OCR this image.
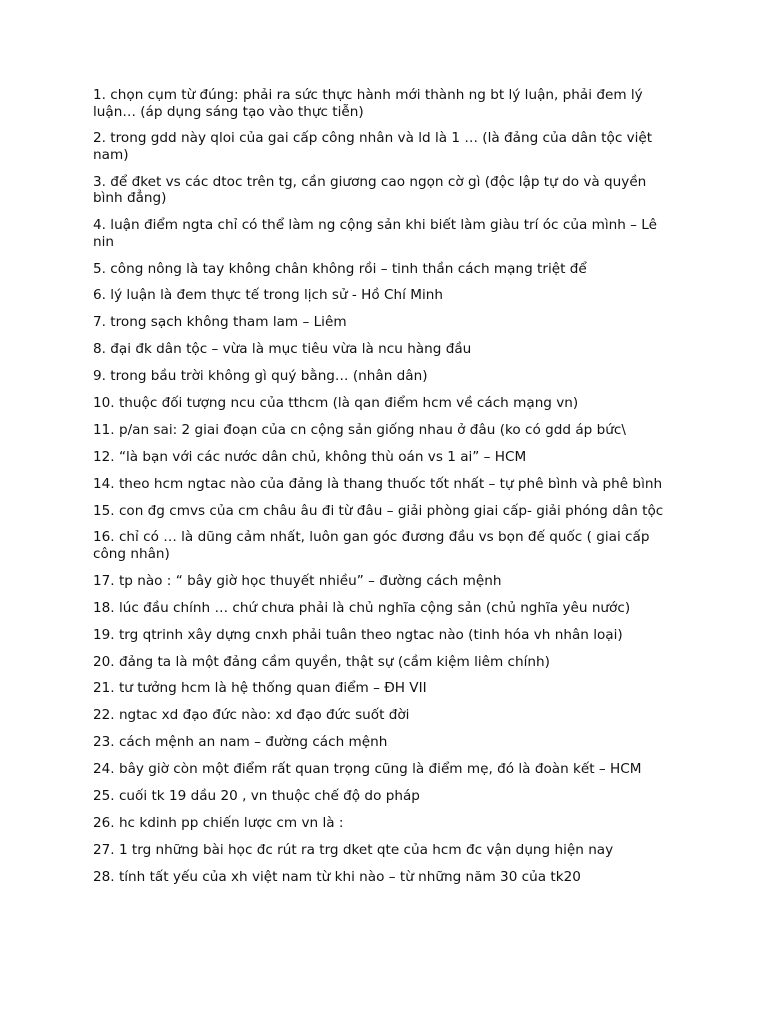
1. chọn cụm từ đúng: phải ra sức thực hành mới thành ng bt lý luận, phải đem lý luận… (áp dụng sáng tạo vào thực tiễn)

2. trong gdd này qloi của gai cấp công nhân và ld là 1 … (là đảng của dân tộc việt nam)

3. để đket vs các dtoc trên tg, cần giương cao ngọn cờ gì (độc lập tự do và quyền bình đẳng)

4. luận điểm ngta chỉ có thể làm ng cộng sản khi biết làm giàu trí óc của mình – Lê nin

5. công nông là tay không chân không rồi – tinh thần cách mạng triệt để

6. lý luận là đem thực tế trong lịch sử - Hồ Chí Minh

7. trong sạch không tham lam – Liêm

8. đại đk dân tộc – vừa là mục tiêu vừa là ncu hàng đầu

9. trong bầu trời không gì quý bằng… (nhân dân)

10. thuộc đối tượng ncu của tthcm (là qan điểm hcm về cách mạng vn)

11. p/an sai: 2 giai đoạn của cn cộng sản giống nhau ở đâu (ko có gdd áp bức\

12. “là bạn với các nước dân chủ, không thù oán vs 1 ai” – HCM

14. theo hcm ngtac nào của đảng là thang thuốc tốt nhất – tự phê bình và phê bình

15. con đg cmvs của cm châu âu đi từ đâu – giải phòng giai cấp- giải phóng dân tộc

16. chỉ có … là dũng cảm nhất, luôn gan góc đương đầu vs bọn đế quốc ( giai cấp công nhân)

17. tp nào : “ bây giờ học thuyết nhiều” – đường cách mệnh

18. lúc đầu chính … chứ chưa phải là chủ nghĩa cộng sản (chủ nghĩa yêu nước)

19. trg qtrinh xây dựng cnxh phải tuân theo ngtac nào (tinh hóa vh nhân loại)

20. đảng ta là một đảng cầm quyền, thật sự (cầm kiệm liêm chính)

21. tư tưởng hcm là hệ thống quan điểm – ĐH VII

22. ngtac xd đạo đức nào: xd đạo đức suốt đời

23. cách mệnh an nam – đường cách mệnh

24. bây giờ còn một điểm rất quan trọng cũng là điểm mẹ, đó là đoàn kết – HCM

25. cuối tk 19 dầu 20 , vn thuộc chế độ do pháp

26. hc kdinh pp chiến lược cm vn là :

27. 1 trg những bài học đc rút ra trg dket qte của hcm đc vận dụng hiện nay

28. tính tất yếu của xh việt nam từ khi nào – từ những năm 30 của tk20
